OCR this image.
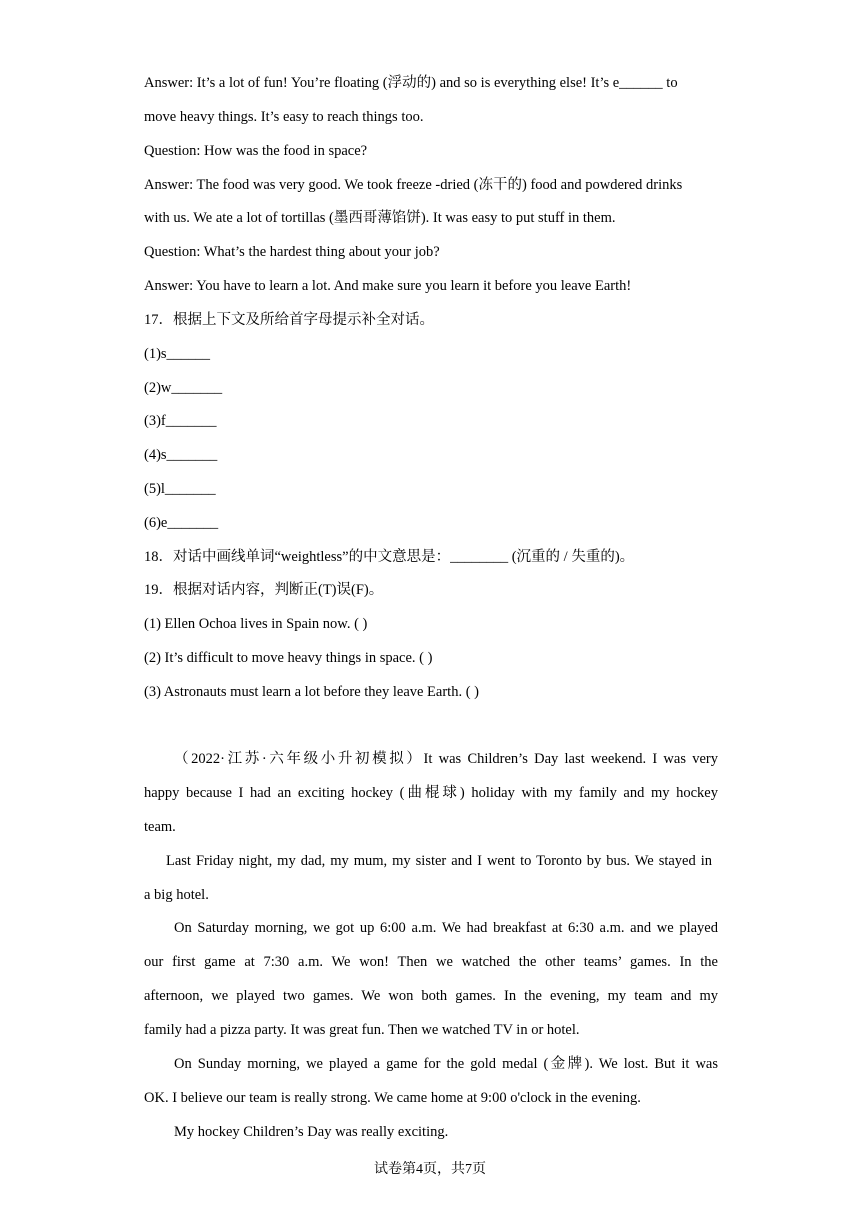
Answer: It’s a lot of fun! You’re floating (浮动的) and so is everything else! It’s e______ to
move heavy things. It’s easy to reach things too.
Question: How was the food in space?
Answer: The food was very good. We took freeze -dried (冻干的) food and powdered drinks
with us. We ate a lot of tortillas (墨西哥薄馅饼). It was easy to put stuff in them.
Question: What’s the hardest thing about your job?
Answer: You have to learn a lot. And make sure you learn it before you leave Earth!
17．根据上下文及所给首字母提示补全对话。
(1)s______
(2)w_______
(3)f_______
(4)s_______
(5)l_______
(6)e_______
18．对话中画线单词“weightless”的中文意思是：________ (沉重的 / 失重的)。
19．根据对话内容，判断正(T)误(F)。
(1) Ellen Ochoa lives in Spain now. ( )
(2) It’s difficult to move heavy things in space. ( )
(3) Astronauts must learn a lot before they leave Earth. ( )
（2022·江苏·六年级小升初模拟）It was Children’s Day last weekend. I was very
happy because I had an exciting hockey (曲棍球) holiday with my family and my hockey
team.
Last Friday night, my dad, my mum, my sister and I went to Toronto by bus. We stayed in
a big hotel.
On Saturday morning, we got up 6:00 a.m. We had breakfast at 6:30 a.m. and we played
our first game at 7:30 a.m. We won! Then we watched the other teams’ games. In the
afternoon, we played two games. We won both games. In the evening, my team and my
family had a pizza party. It was great fun. Then we watched TV in or hotel.
On Sunday morning, we played a game for the gold medal (金牌). We lost. But it was
OK. I believe our team is really strong. We came home at 9:00 o'clock in the evening.
My hockey Children’s Day was really exciting.
试卷第4页，共7页
